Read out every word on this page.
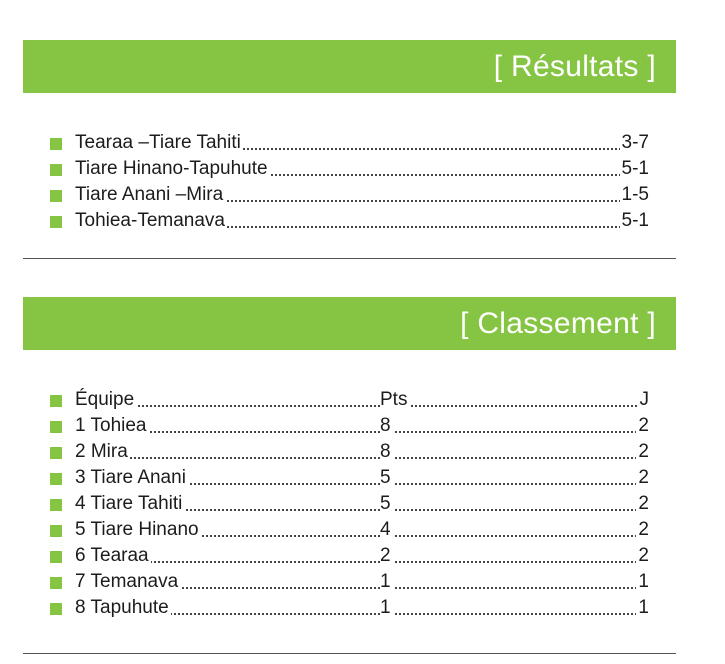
[ Résultats ]
Tearaa –Tiare Tahiti	3-7
Tiare Hinano-Tapuhute	5-1
Tiare Anani –Mira	1-5
Tohiea-Temanava	5-1
[ Classement ]
Équipe	Pts	J
1 Tohiea	8	2
2 Mira	8	2
3 Tiare Anani	5	2
4 Tiare Tahiti	5	2
5 Tiare Hinano	4	2
6 Tearaa	2	2
7 Temanava	1	1
8 Tapuhute	1	1
